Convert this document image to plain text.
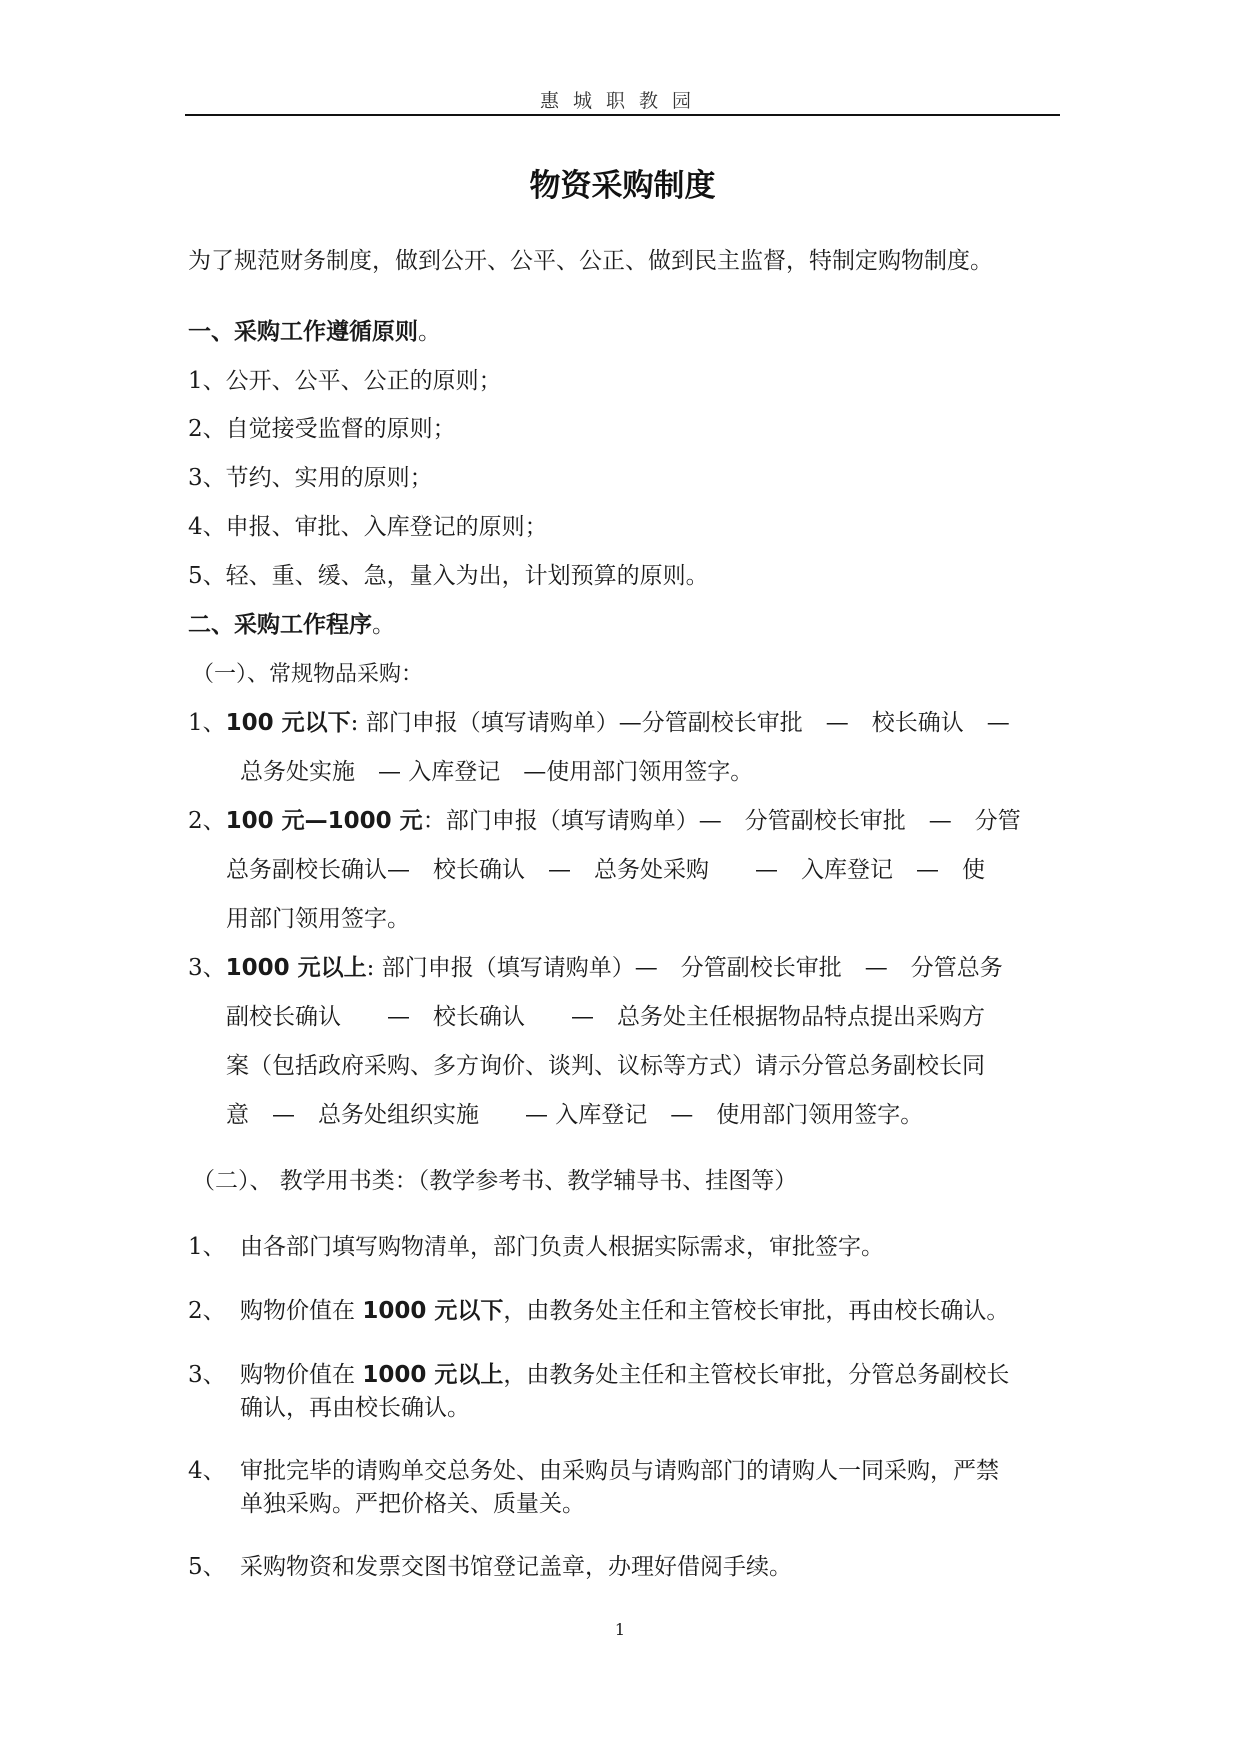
惠城职教园
物资采购制度
为了规范财务制度，做到公开、公平、公正、做到民主监督，特制定购物制度。
一、采购工作遵循原则。
1、公开、公平、公正的原则；
2、自觉接受监督的原则；
3、节约、实用的原则；
4、申报、审批、入库登记的原则；
5、轻、重、缓、急，量入为出，计划预算的原则。
二、采购工作程序。
（一）、常规物品采购：
1、100 元以下: 部门申报（填写请购单）—分管副校长审批　—　校长确认　—
总务处实施　— 入库登记　—使用部门领用签字。
2、100 元—1000 元：部门申报（填写请购单）—　分管副校长审批　—　分管
总务副校长确认—　校长确认　—　总务处采购　　—　入库登记　—　使
用部门领用签字。
3、1000 元以上: 部门申报（填写请购单）—　分管副校长审批　—　分管总务
副校长确认　　—　校长确认　　—　总务处主任根据物品特点提出采购方
案（包括政府采购、多方询价、谈判、议标等方式）请示分管总务副校长同
意　—　总务处组织实施　　— 入库登记　—　使用部门领用签字。
（二）、 教学用书类：（教学参考书、教学辅导书、挂图等）
1、 由各部门填写购物清单，部门负责人根据实际需求，审批签字。
2、 购物价值在 1000 元以下，由教务处主任和主管校长审批，再由校长确认。
3、 购物价值在 1000 元以上，由教务处主任和主管校长审批，分管总务副校长
确认，再由校长确认。
4、 审批完毕的请购单交总务处、由采购员与请购部门的请购人一同采购，严禁
单独采购。严把价格关、质量关。
5、 采购物资和发票交图书馆登记盖章，办理好借阅手续。
1
